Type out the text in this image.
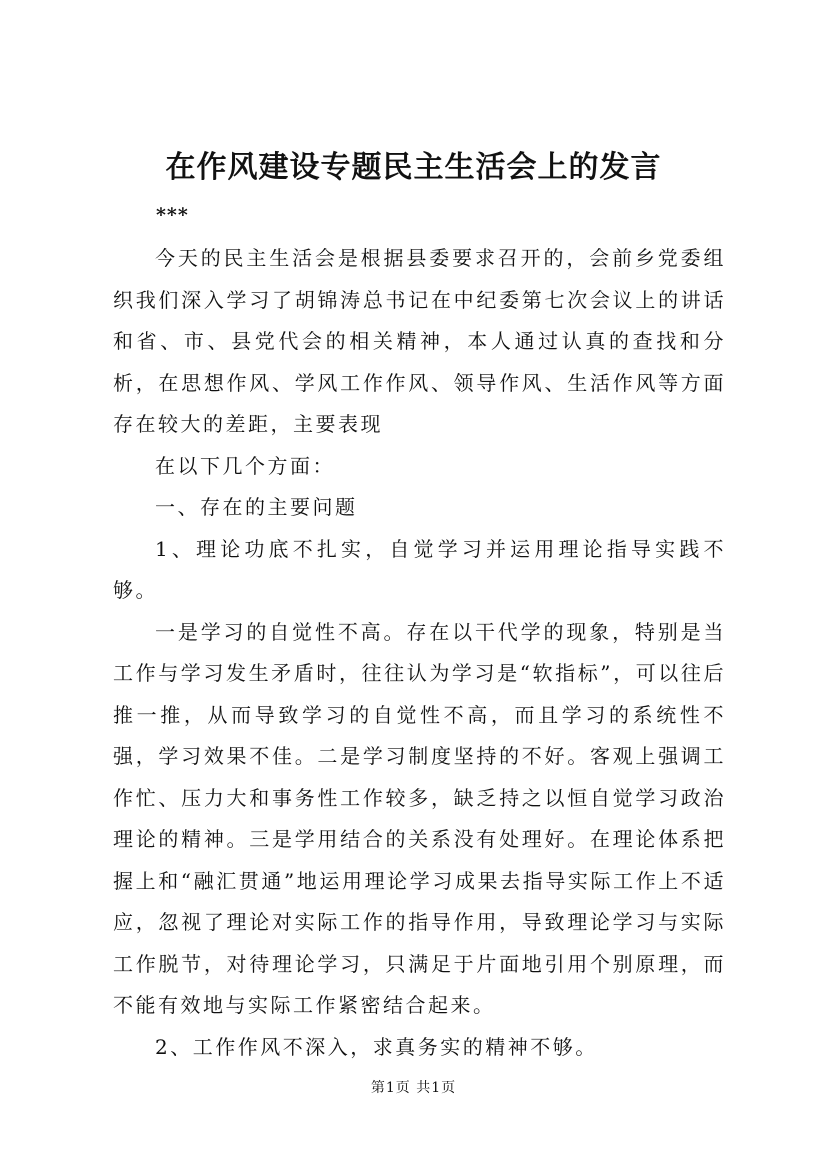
在作风建设专题民主生活会上的发言
***

今天的民主生活会是根据县委要求召开的，会前乡党委组织我们深入学习了胡锦涛总书记在中纪委第七次会议上的讲话和省、市、县党代会的相关精神，本人通过认真的查找和分析，在思想作风、学风工作作风、领导作风、生活作风等方面存在较大的差距，主要表现

在以下几个方面：

一、存在的主要问题

1、理论功底不扎实，自觉学习并运用理论指导实践不够。

一是学习的自觉性不高。存在以干代学的现象，特别是当工作与学习发生矛盾时，往往认为学习是“软指标”，可以往后推一推，从而导致学习的自觉性不高，而且学习的系统性不强，学习效果不佳。二是学习制度坚持的不好。客观上强调工作忙、压力大和事务性工作较多，缺乏持之以恒自觉学习政治理论的精神。三是学用结合的关系没有处理好。在理论体系把握上和“融汇贯通”地运用理论学习成果去指导实际工作上不适应，忽视了理论对实际工作的指导作用，导致理论学习与实际工作脱节，对待理论学习，只满足于片面地引用个别原理，而不能有效地与实际工作紧密结合起来。

2、工作作风不深入，求真务实的精神不够。

第1页 共1页
